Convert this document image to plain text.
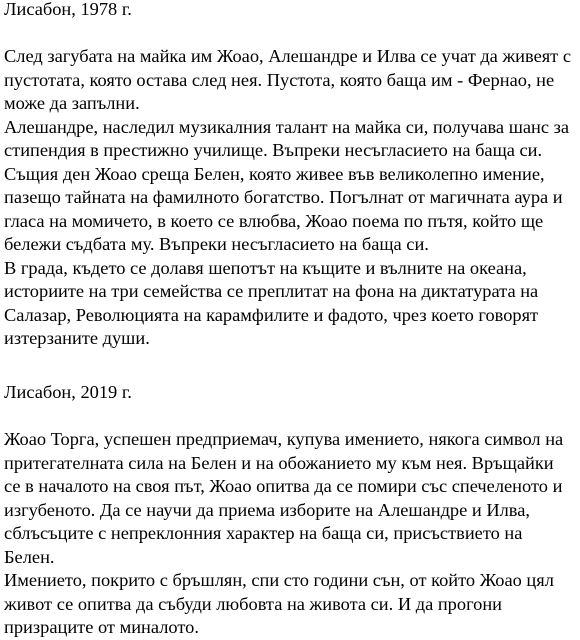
Лисабон, 1978 г.

След загубата на майка им Жоао, Алешандре и Илва се учат да живеят с пустотата, която остава след нея. Пустота, която баща им - Фернао, не може да запълни.

Алешандре, наследил музикалния талант на майка си, получава шанс за стипендия в престижно училище. Въпреки несъгласието на баща си. Същия ден Жоао среща Белен, която живее във великолепно имение, пазещо тайната на фамилното богатство. Погълнат от магичната аура и гласа на момичето, в което се влюбва, Жоао поема по пътя, който ще бележи съдбата му. Въпреки несъгласието на баща си.

В града, където се долавя шепотът на къщите и вълните на океана, историите на три семейства се преплитат на фона на диктатурата на Салазар, Революцията на карамфилите и фадото, чрез което говорят изтерзаните души.

Лисабон, 2019 г.

Жоао Торга, успешен предприемач, купува имението, някога символ на притегателната сила на Белен и на обожанието му към нея. Връщайки се в началото на своя път, Жоао опитва да се помири със спечеленото и изгубеното. Да се научи да приема изборите на Алешандре и Илва, сблъсъците с непреклонния характер на баща си, присъствието на Белен.

Имението, покрито с бръшлян, спи сто години сън, от който Жоао цял живот се опитва да събуди любовта на живота си. И да прогони призраците от миналото.
